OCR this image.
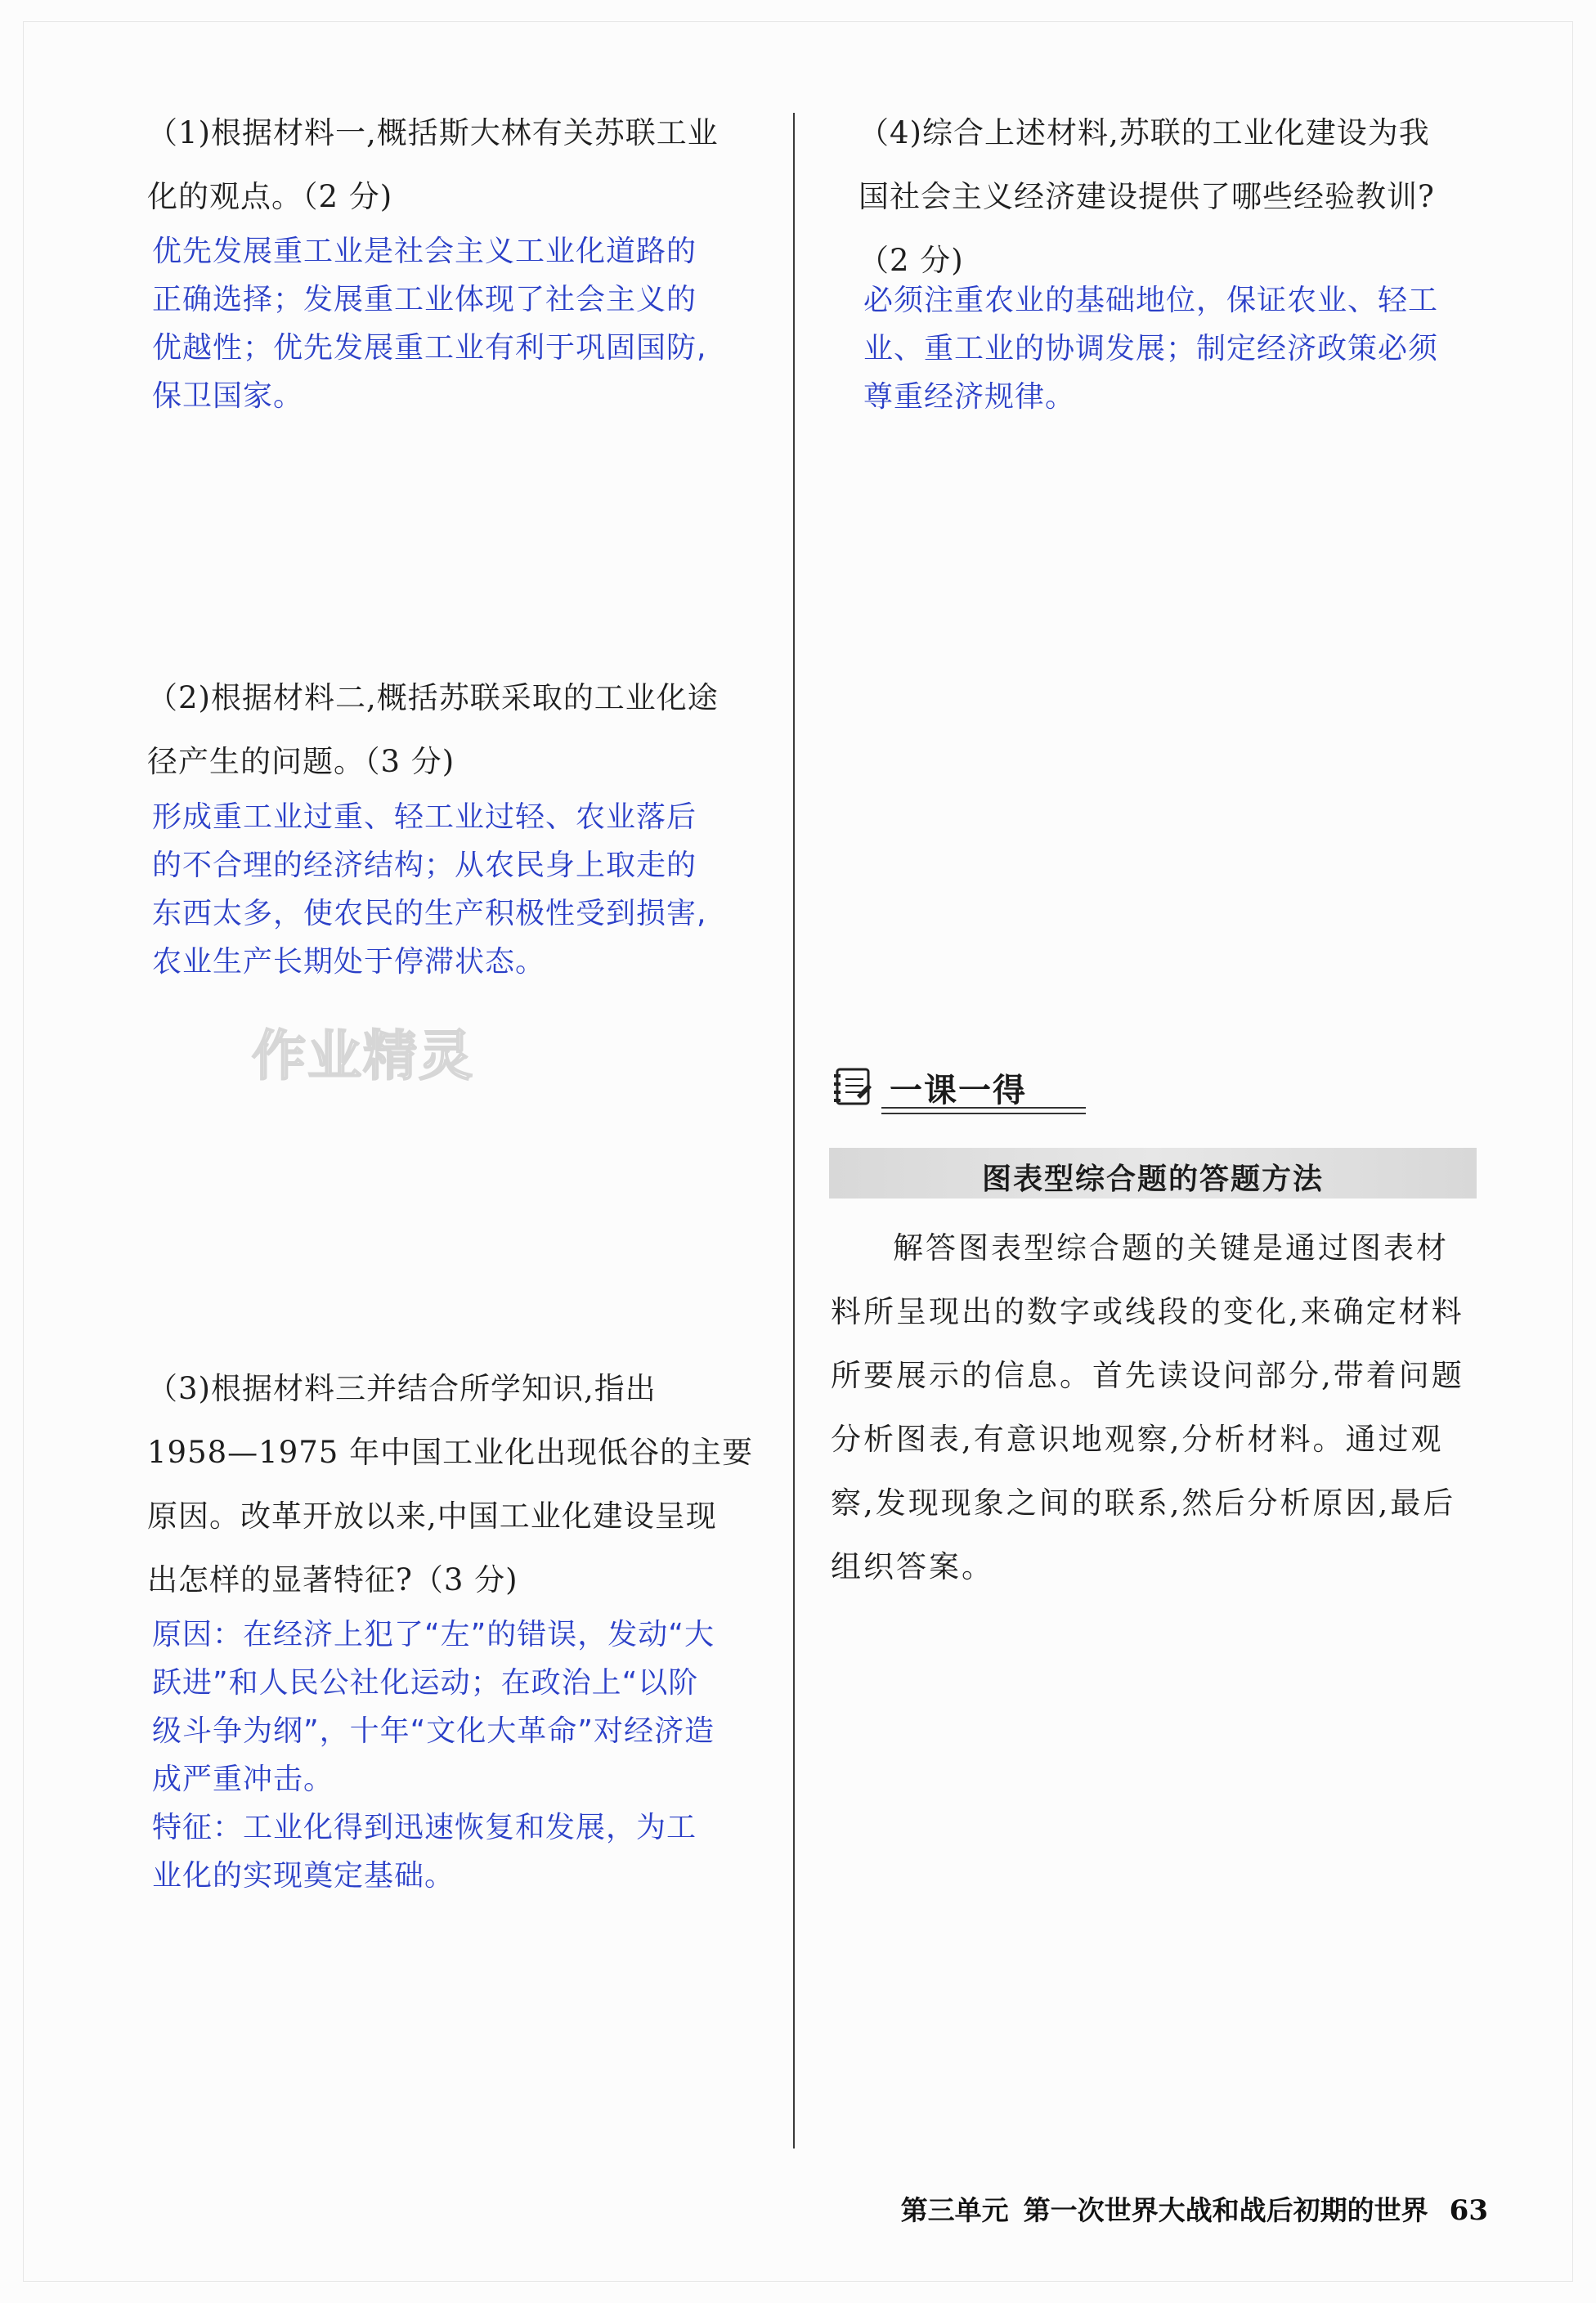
（1)根据材料一,概括斯大林有关苏联工业
化的观点。（2 分)
优先发展重工业是社会主义工业化道路的
正确选择；发展重工业体现了社会主义的
优越性；优先发展重工业有利于巩固国防,
保卫国家。
（2)根据材料二,概括苏联采取的工业化途
径产生的问题。（3 分)
形成重工业过重、轻工业过轻、农业落后
的不合理的经济结构；从农民身上取走的
东西太多，使农民的生产积极性受到损害,
农业生产长期处于停滞状态。
作业精灵
（3)根据材料三并结合所学知识,指出
1958—1975 年中国工业化出现低谷的主要
原因。改革开放以来,中国工业化建设呈现
出怎样的显著特征?（3 分)
原因：在经济上犯了“左”的错误，发动“大
跃进”和人民公社化运动；在政治上“以阶
级斗争为纲”，十年“文化大革命”对经济造
成严重冲击。
特征：工业化得到迅速恢复和发展，为工
业化的实现奠定基础。
（4)综合上述材料,苏联的工业化建设为我
国社会主义经济建设提供了哪些经验教训?
（2 分)
必须注重农业的基础地位，保证农业、轻工
业、重工业的协调发展；制定经济政策必须
尊重经济规律。
一课一得
图表型综合题的答题方法
解答图表型综合题的关键是通过图表材
料所呈现出的数字或线段的变化,来确定材料
所要展示的信息。首先读设问部分,带着问题
分析图表,有意识地观察,分析材料。通过观
察,发现现象之间的联系,然后分析原因,最后
组织答案。
第三单元 第一次世界大战和战后初期的世界 63
